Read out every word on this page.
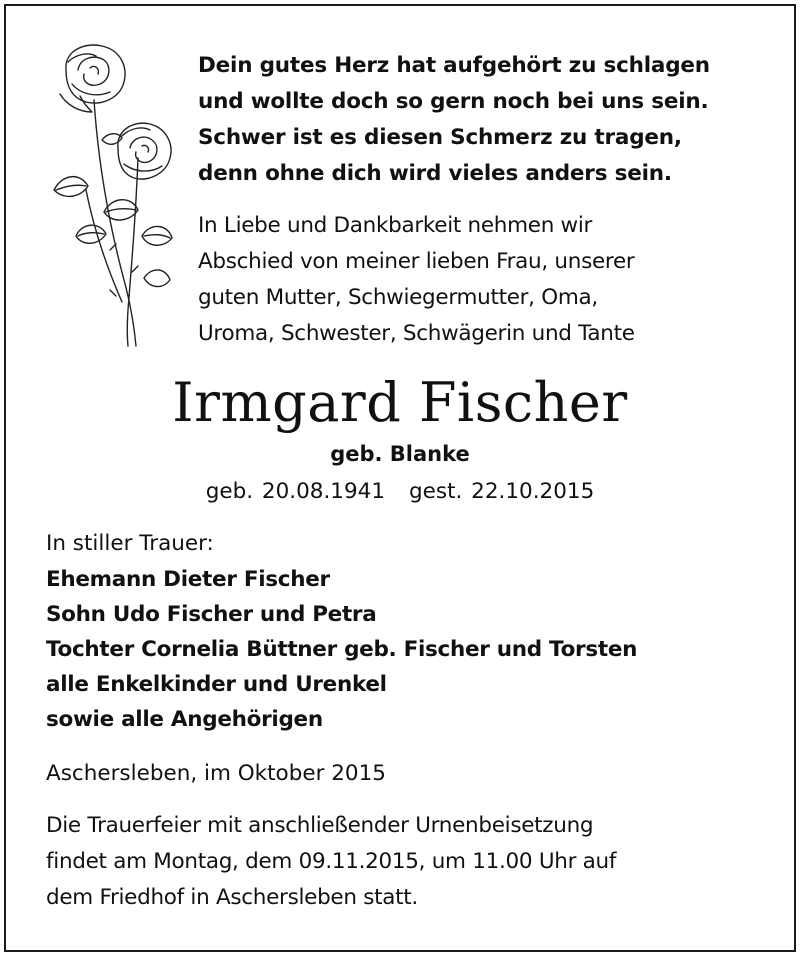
Dein gutes Herz hat aufgehört zu schlagen
und wollte doch so gern noch bei uns sein.
Schwer ist es diesen Schmerz zu tragen,
denn ohne dich wird vieles anders sein.
In Liebe und Dankbarkeit nehmen wir
Abschied von meiner lieben Frau, unserer
guten Mutter, Schwiegermutter, Oma,
Uroma, Schwester, Schwägerin und Tante
Irmgard Fischer
geb. Blanke
geb. 20.08.1941 gest. 22.10.2015
In stiller Trauer:
Ehemann Dieter Fischer
Sohn Udo Fischer und Petra
Tochter Cornelia Büttner geb. Fischer und Torsten
alle Enkelkinder und Urenkel
sowie alle Angehörigen
Aschersleben, im Oktober 2015
Die Trauerfeier mit anschließender Urnenbeisetzung
findet am Montag, dem 09.11.2015, um 11.00 Uhr auf
dem Friedhof in Aschersleben statt.
